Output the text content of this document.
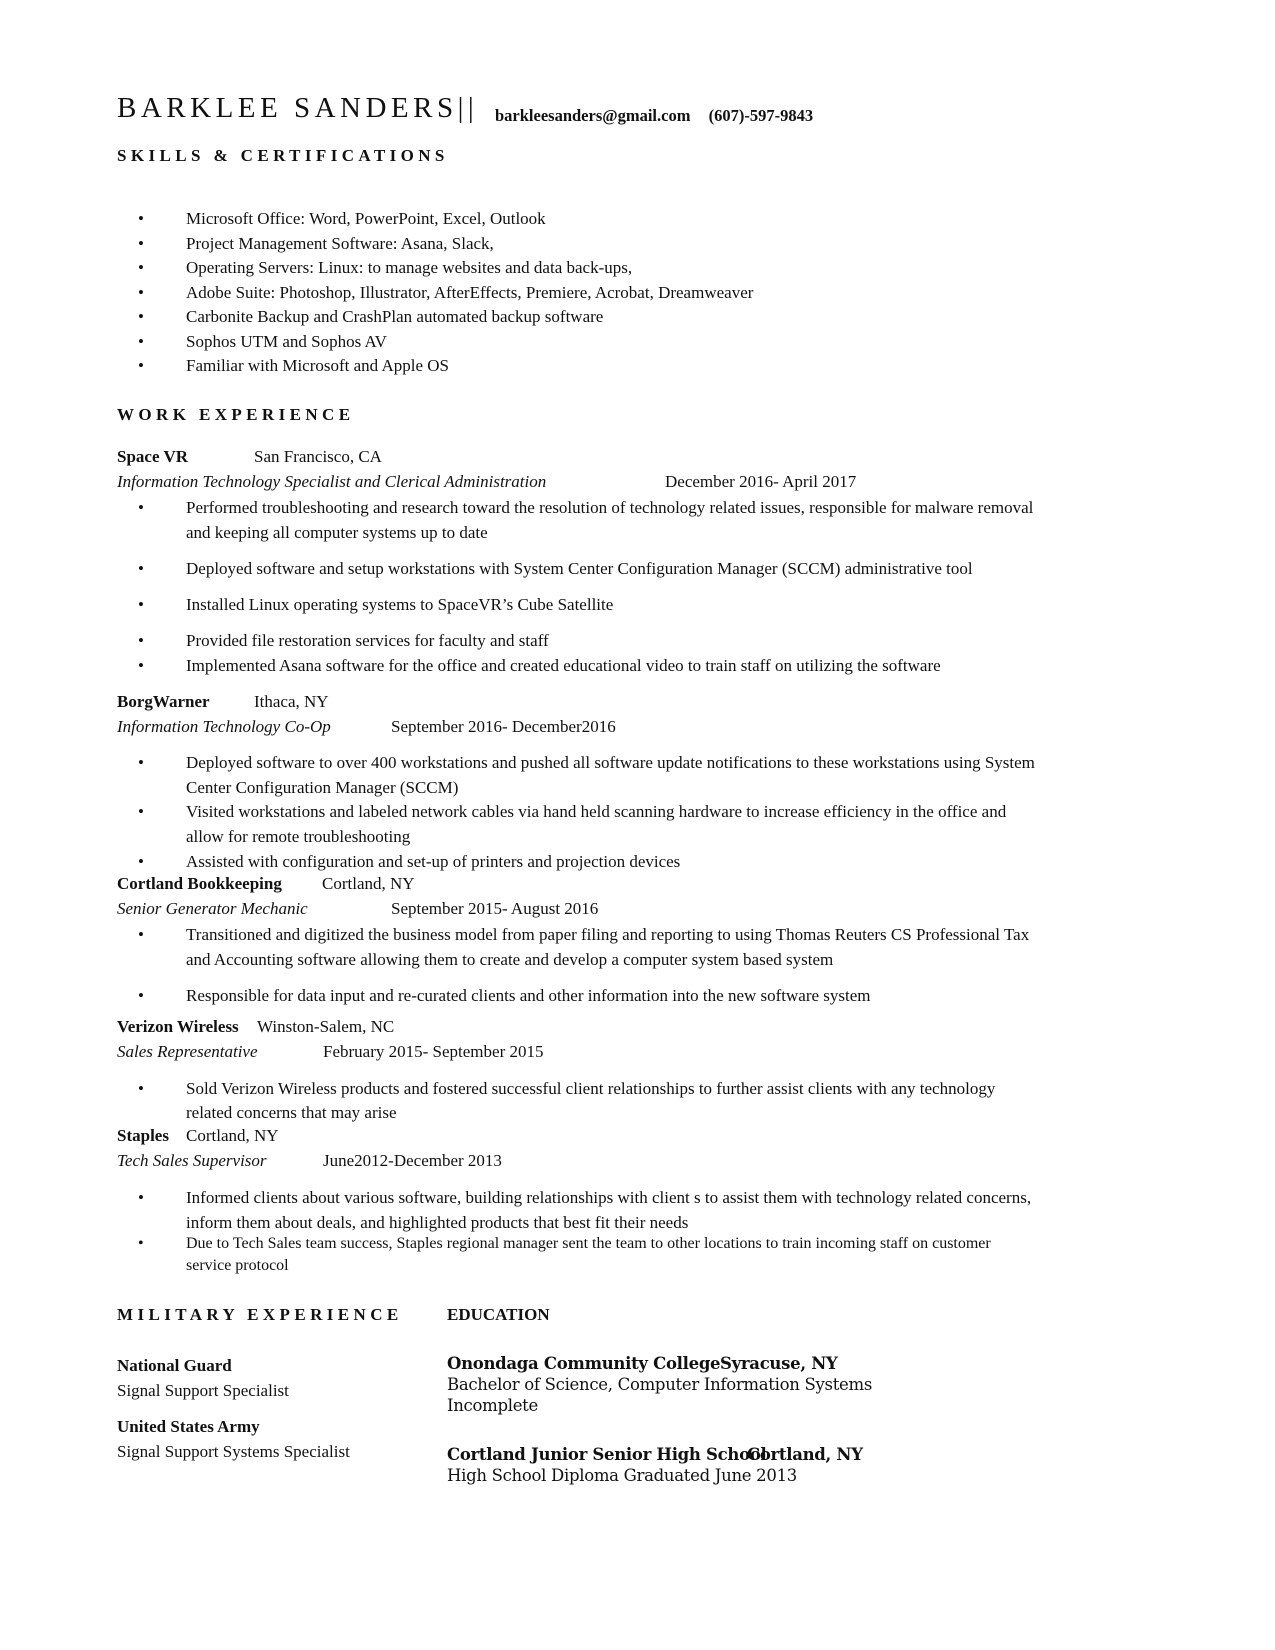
BARKLEE SANDERS|| barkleesanders@gmail.com (607)-597-9843
SKILLS & CERTIFICATIONS
• Microsoft Office: Word, PowerPoint, Excel, Outlook
• Project Management Software: Asana, Slack,
• Operating Servers: Linux: to manage websites and data back-ups,
• Adobe Suite: Photoshop, Illustrator, AfterEffects, Premiere, Acrobat, Dreamweaver
• Carbonite Backup and CrashPlan automated backup software
• Sophos UTM and Sophos AV
• Familiar with Microsoft and Apple OS
WORK EXPERIENCE
Space VR	San Francisco, CA
Information Technology Specialist and Clerical Administration	December 2016- April 2017
• Performed troubleshooting and research toward the resolution of technology related issues, responsible for malware removal
and keeping all computer systems up to date
• Deployed software and setup workstations with System Center Configuration Manager (SCCM) administrative tool
• Installed Linux operating systems to SpaceVR’s Cube Satellite
• Provided file restoration services for faculty and staff
• Implemented Asana software for the office and created educational video to train staff on utilizing the software
BorgWarner	Ithaca, NY
Information Technology Co-Op	September 2016- December2016
• Deployed software to over 400 workstations and pushed all software update notifications to these workstations using System
Center Configuration Manager (SCCM)
• Visited workstations and labeled network cables via hand held scanning hardware to increase efficiency in the office and
allow for remote troubleshooting
• Assisted with configuration and set-up of printers and projection devices
Cortland Bookkeeping Cortland, NY
Senior Generator Mechanic	September 2015- August 2016
• Transitioned and digitized the business model from paper filing and reporting to using Thomas Reuters CS Professional Tax
and Accounting software allowing them to create and develop a computer system based system
• Responsible for data input and re-curated clients and other information into the new software system
Verizon Wireless Winston-Salem, NC
Sales Representative	February 2015- September 2015
• Sold Verizon Wireless products and fostered successful client relationships to further assist clients with any technology
related concerns that may arise
Staples Cortland, NY
Tech Sales Supervisor	June2012-December 2013
• Informed clients about various software, building relationships with client s to assist them with technology related concerns,
inform them about deals, and highlighted products that best fit their needs
•	Due to Tech Sales team success, Staples regional manager sent the team to other locations to train incoming staff on customer
service protocol
MILITARY EXPERIENCE
National Guard
Signal Support Specialist
United States Army
Signal Support Systems Specialist
EDUCATION
Onondaga Community College Syracuse, NY
Bachelor of Science, Computer Information Systems
Incomplete
Cortland Junior Senior High School
Cortland, NY
High School Diploma Graduated June 2013
